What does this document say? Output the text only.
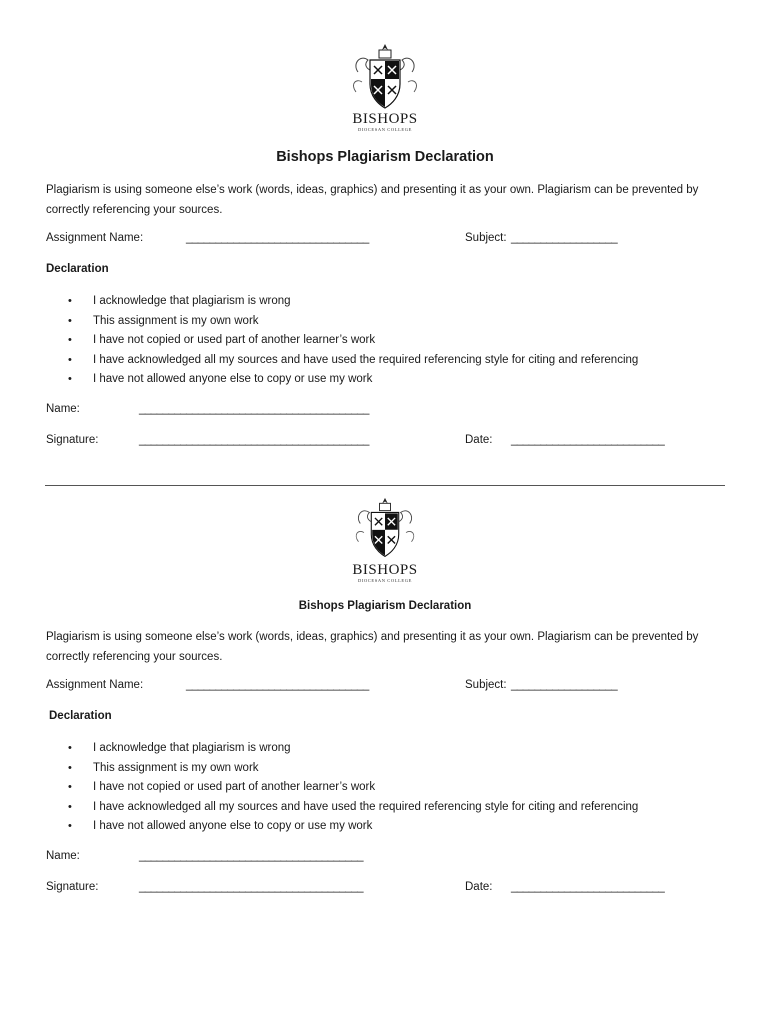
BISHOPS
DIOCESAN COLLEGE
Bishops Plagiarism Declaration
Plagiarism is using someone else’s work (words, ideas, graphics) and presenting it as your own. Plagiarism can be prevented by correctly referencing your sources.
Assignment Name:	_______________________________	Subject: __________________
Declaration
• I acknowledge that plagiarism is wrong
• This assignment is my own work
• I have not copied or used part of another learner’s work
• I have acknowledged all my sources and have used the required referencing style for citing and referencing
• I have not allowed anyone else to copy or use my work
Name:	_______________________________________
Signature:	_______________________________________	Date: __________________________
BISHOPS
DIOCESAN COLLEGE
Bishops Plagiarism Declaration
Plagiarism is using someone else’s work (words, ideas, graphics) and presenting it as your own. Plagiarism can be prevented by correctly referencing your sources.
Assignment Name:	_______________________________	Subject: __________________
Declaration
• I acknowledge that plagiarism is wrong
• This assignment is my own work
• I have not copied or used part of another learner’s work
• I have acknowledged all my sources and have used the required referencing style for citing and referencing
• I have not allowed anyone else to copy or use my work
Name:	______________________________________
Signature:	______________________________________	Date: __________________________
